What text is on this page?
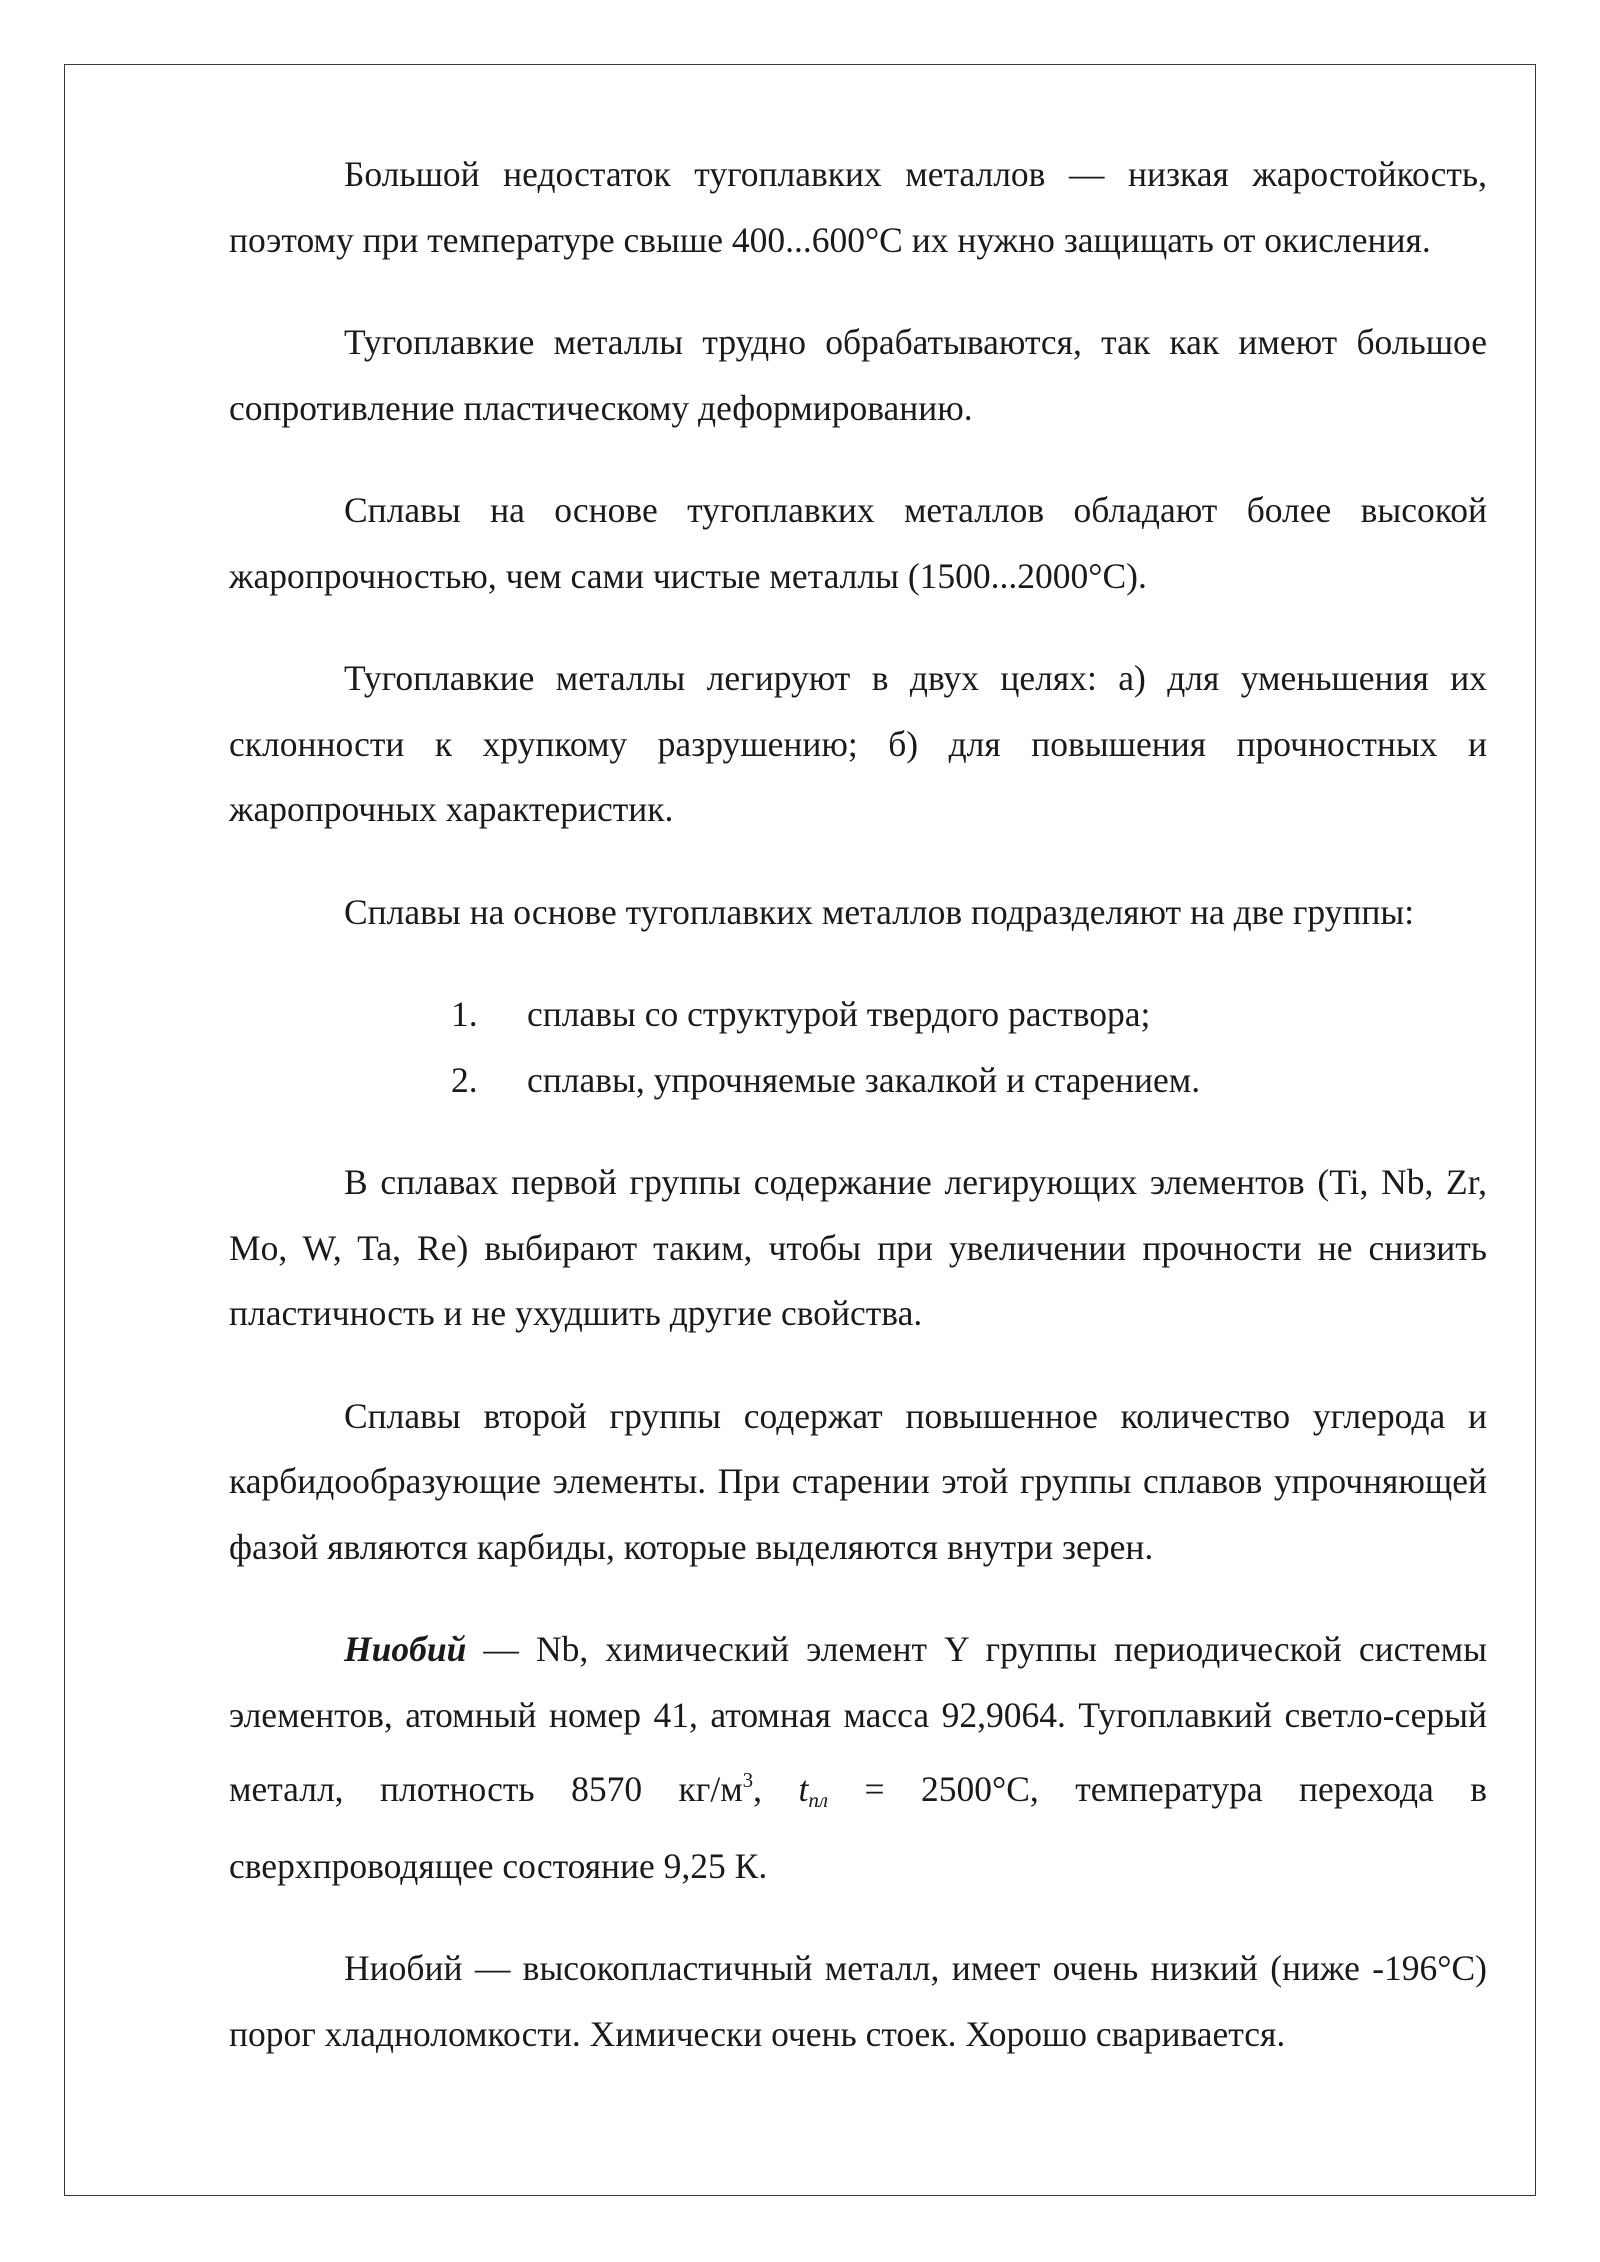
Большой недостаток тугоплавких металлов — низкая жаростойкость, поэтому при температуре свыше 400...600°С их нужно защищать от окисления.

Тугоплавкие металлы трудно обрабатываются, так как имеют большое сопротивление пластическому деформированию.

Сплавы на основе тугоплавких металлов обладают более высокой жаропрочностью, чем сами чистые металлы (1500...2000°С).

Тугоплавкие металлы легируют в двух целях: а) для уменьшения их склонности к хрупкому разрушению; б) для повышения прочностных и жаропрочных характеристик.

Сплавы на основе тугоплавких металлов подразделяют на две группы:

1.	сплавы со структурой твердого раствора;
2.	сплавы, упрочняемые закалкой и старением.

В сплавах первой группы содержание легирующих элементов (Ti, Nb, Zr, Mo, W, Ta, Re) выбирают таким, чтобы при увеличении прочности не снизить пластичность и не ухудшить другие свойства.

Сплавы второй группы содержат повышенное количество углерода и карбидообразующие элементы. При старении этой группы сплавов упрочняющей фазой являются карбиды, которые выделяются внутри зерен.

Ниобий — Nb, химический элемент Y группы периодической системы элементов, атомный номер 41, атомная масса 92,9064. Тугоплавкий светло-серый металл, плотность 8570 $кг/м^3$, tпл = 2500°С, температура перехода в сверхпроводящее состояние 9,25 К.

Ниобий — высокопластичный металл, имеет очень низкий (ниже -196°С) порог хладноломкости. Химически очень стоек. Хорошо сваривается.
